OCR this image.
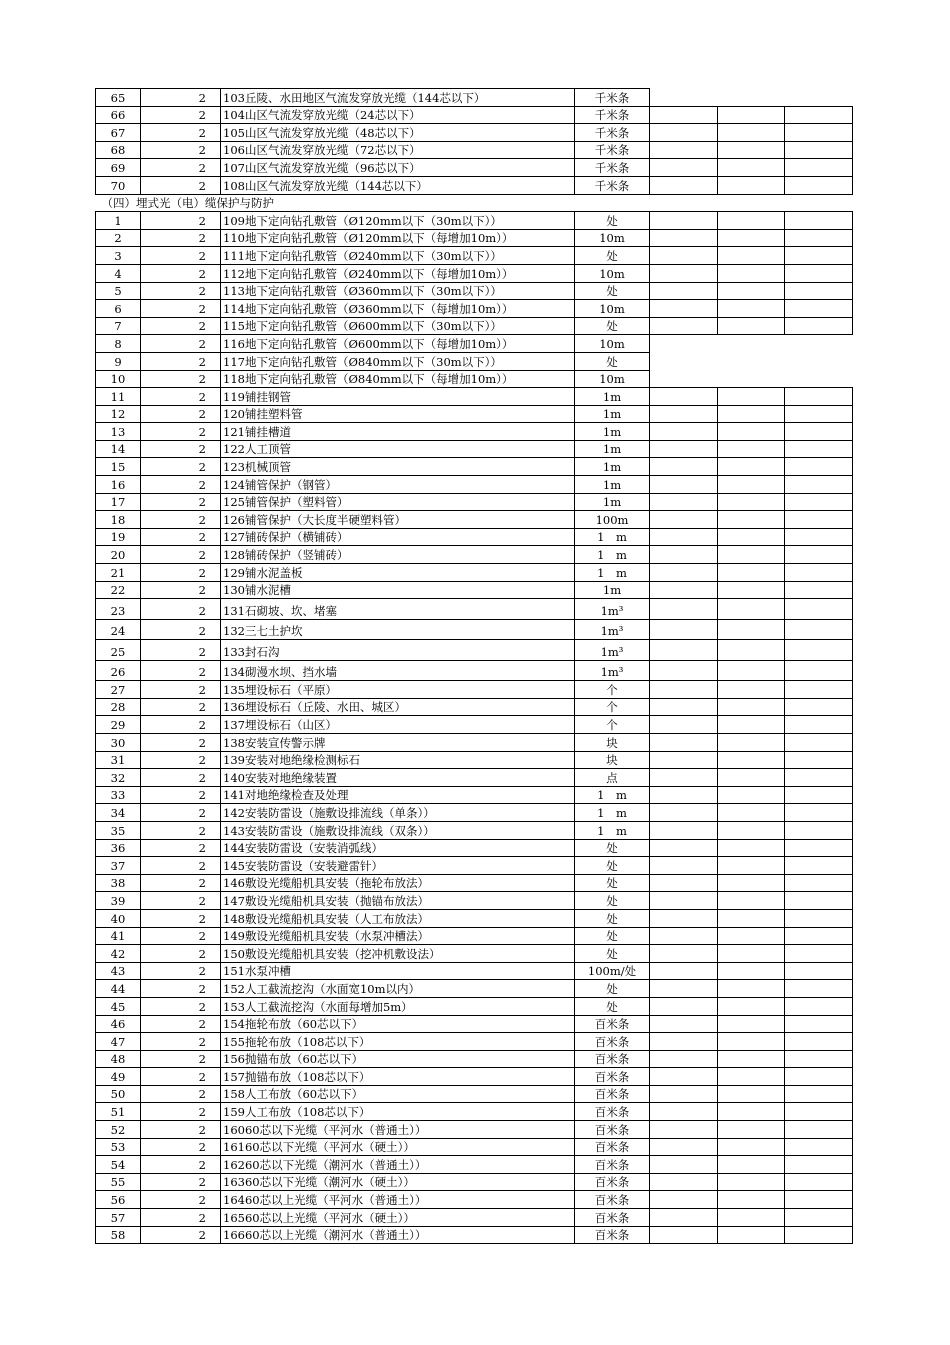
65	2	103丘陵、水田地区气流发穿放光缆（144芯以下）	千米条			
66	2	104山区气流发穿放光缆（24芯以下）	千米条			
67	2	105山区气流发穿放光缆（48芯以下）	千米条			
68	2	106山区气流发穿放光缆（72芯以下）	千米条			
69	2	107山区气流发穿放光缆（96芯以下）	千米条			
70	2	108山区气流发穿放光缆（144芯以下）	千米条			
（四）埋式光（电）缆保护与防护						
1	2	109地下定向钻孔敷管（Ø120mm以下（30m以下））	处			
2	2	110地下定向钻孔敷管（Ø120mm以下（每增加10m））	10m			
3	2	111地下定向钻孔敷管（Ø240mm以下（30m以下））	处			
4	2	112地下定向钻孔敷管（Ø240mm以下（每增加10m））	10m			
5	2	113地下定向钻孔敷管（Ø360mm以下（30m以下））	处			
6	2	114地下定向钻孔敷管（Ø360mm以下（每增加10m））	10m			
7	2	115地下定向钻孔敷管（Ø600mm以下（30m以下））	处			
8	2	116地下定向钻孔敷管（Ø600mm以下（每增加10m））	10m			
9	2	117地下定向钻孔敷管（Ø840mm以下（30m以下））	处			
10	2	118地下定向钻孔敷管（Ø840mm以下（每增加10m））	10m			
11	2	119铺挂钢管	1m			
12	2	120铺挂塑料管	1m			
13	2	121铺挂槽道	1m			
14	2	122人工顶管	1m			
15	2	123机械顶管	1m			
16	2	124铺管保护（钢管）	1m			
17	2	125铺管保护（塑料管）	1m			
18	2	126铺管保护（大长度半硬塑料管）	100m			
19	2	127铺砖保护（横铺砖）	1　m			
20	2	128铺砖保护（竖铺砖）	1　m			
21	2	129铺水泥盖板	1　m			
22	2	130铺水泥槽	1m			
23	2	131石砌坡、坎、堵塞	1m³			
24	2	132三七土护坎	1m³			
25	2	133封石沟	1m³			
26	2	134砌漫水坝、挡水墙	1m³			
27	2	135埋设标石（平原）	个			
28	2	136埋设标石（丘陵、水田、城区）	个			
29	2	137埋设标石（山区）	个			
30	2	138安装宣传警示牌	块			
31	2	139安装对地绝缘检测标石	块			
32	2	140安装对地绝缘装置	点			
33	2	141对地绝缘检查及处理	1　m			
34	2	142安装防雷设（施敷设排流线（单条））	1　m			
35	2	143安装防雷设（施敷设排流线（双条））	1　m			
36	2	144安装防雷设（安装消弧线）	处			
37	2	145安装防雷设（安装避雷针）	处			
38	2	146敷设光缆船机具安装（拖轮布放法）	处			
39	2	147敷设光缆船机具安装（抛锚布放法）	处			
40	2	148敷设光缆船机具安装（人工布放法）	处			
41	2	149敷设光缆船机具安装（水泵冲槽法）	处			
42	2	150敷设光缆船机具安装（挖冲机敷设法）	处			
43	2	151水泵冲槽	100m/处			
44	2	152人工截流挖沟（水面宽10m以内）	处			
45	2	153人工截流挖沟（水面每增加5m）	处			
46	2	154拖轮布放（60芯以下）	百米条			
47	2	155拖轮布放（108芯以下）	百米条			
48	2	156抛锚布放（60芯以下）	百米条			
49	2	157抛锚布放（108芯以下）	百米条			
50	2	158人工布放（60芯以下）	百米条			
51	2	159人工布放（108芯以下）	百米条			
52	2	16060芯以下光缆（平河水（普通土））	百米条			
53	2	16160芯以下光缆（平河水（硬土））	百米条			
54	2	16260芯以下光缆（潮河水（普通土））	百米条			
55	2	16360芯以下光缆（潮河水（硬土））	百米条			
56	2	16460芯以上光缆（平河水（普通土））	百米条			
57	2	16560芯以上光缆（平河水（硬土））	百米条			
58	2	16660芯以上光缆（潮河水（普通土））	百米条			
